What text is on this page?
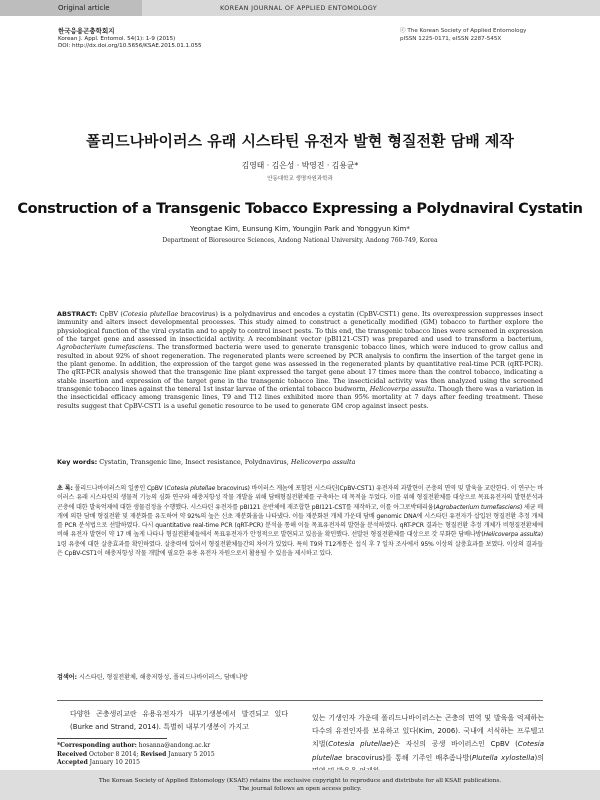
Original article	KOREAN JOURNAL OF APPLIED ENTOMOLOGY
한국응용곤충학회지
Korean J. Appl. Entomol. 54(1): 1-9 (2015)
DOI: http://dx.doi.org/10.5656/KSAE.2015.01.1.055
ⓒ The Korean Society of Applied Entomology
pISSN 1225-0171, eISSN 2287-545X
폴리드나바이러스 유래 시스타틴 유전자 발현 형질전환 담배 제작
김영태 · 김은성 · 박영진 · 김용균*
안동대학교 생명자원과학과
Construction of a Transgenic Tobacco Expressing a Polydnaviral Cystatin
Yeongtae Kim, Eunsung Kim, Youngjin Park and Yonggyun Kim*
Department of Bioresource Sciences, Andong National University, Andong 760-749, Korea
ABSTRACT: CpBV (Cotesia plutellae bracovirus) is a polydnavirus and encodes a cystatin (CpBV-CST1) gene. Its overexpression suppresses insect immunity and alters insect developmental processes. This study aimed to construct a genetically modified (GM) tobacco to further explore the physiological function of the viral cystatin and to apply to control insect pests. To this end, the transgenic tobacco lines were screened in expression of the target gene and assessed in insecticidal activity. A recombinant vector (pBI121-CST) was prepared and used to transform a bacterium, Agrobacterium tumefasciens. The transformed bacteria were used to generate transgenic tobacco lines, which were induced to grow callus and resulted in about 92% of shoot regeneration. The regenerated plants were screened by PCR analysis to confirm the insertion of the target gene in the plant genome. In addition, the expression of the target gene was assessed in the regenerated plants by quantitative real-time PCR (qRT-PCR). The qRT-PCR analysis showed that the transgenic line plant expressed the target gene about 17 times more than the control tobacco, indicating a stable insertion and expression of the target gene in the transgenic tobacco line. The insecticidal activity was then analyzed using the screened transgenic tobacco lines against the teneral 1st instar larvae of the oriental tobacco budworm, Helicoverpa assulta. Though there was a variation in the insecticidal efficacy among transgenic lines, T9 and T12 lines exhibited more than 95% mortality at 7 days after feeding treatment. These results suggest that CpBV-CST1 is a useful genetic resource to be used to generate GM crop against insect pests.
Key words: Cystatin, Transgenic line, Insect resistance, Polydnavirus, Helicoverpa assulta
초 록: 폴리드나바이러스의 일종인 CpBV (Cotesia plutellae bracovirus) 바이러스 게놈에 포함된 시스타틴(CpBV-CST1) 유전자의 과발현이 곤충의 면역 및 발육을 교란한다. 이 연구는 바이러스 유래 시스타틴의 생물적 기능의 심화 연구와 해충저항성 작물 개발을 위해 담배형질전환체를 구축하는 데 목적을 두었다. 이를 위해 형질전환체를 대상으로 목표유전자의 발현분석과 곤충에 대한 발육억제에 대한 생물검정을 수행했다. 시스타틴 유전자를 pBI121 운반체에 재조합한 pBI121-CST를 제작하고, 이를 아그로박테리움(Agrobacterium tumefasciens) 세균 매개에 의한 담배 형질전환 및 재분화를 유도하여 약 92%의 높은 신초 재분화율을 나타냈다. 이들 재분화된 개체 가운데 담배 genomic DNA에 시스타틴 유전자가 삽입된 형질전환 추정 개체를 PCR 분석법으로 선발하였다. 다시 quantitative real-time PCR (qRT-PCR) 분석을 통해 이들 목표유전자의 발현을 분석하였다. qRT-PCR 결과는 형질전환 추정 개체가 비형질전환체에 비해 유전자 발현이 약 17 배 높게 나타나 형질전환체들에서 목표유전자가 안정적으로 발현되고 있음을 확인했다. 선발된 형질전환체를 대상으로 갓 부화한 담배나방(Helicoverpa assulta) 1령 유충에 대한 살충효과를 확인하였다. 살충력에 있어서 형질전환체들간의 차이가 있었다. 특히 T9와 T12계통은 섭식 후 7 일차 조사에서 95% 이상의 살충효과를 보였다. 이상의 결과들은 CpBV-CST1이 해충저항성 작물 개발에 필요한 유용 유전자 자원으로서 활용될 수 있음을 제시하고 있다.
검색어: 시스타틴, 형질전환체, 해충저항성, 폴리드나바이러스, 담배나방
다양한 곤충생리교란 유용유전자가 내부기생봉에서 발견되고 있다(Burke and Strand, 2014). 특별히 내부기생봉이 가지고
있는 기생인자 가운데 폴리드나바이러스는 곤충의 면역 및 발육을 억제하는 다수의 유전인자를 보유하고 있다(Kim, 2006). 국내에 서식하는 프루텔고치벌(Cotesia plutellae)은 자신의 공생 바이러스인 CpBV (Cotesia plutellae bracovirus)를 통해 기주인 배추좀나방(Plutella xylostella)의
*Corresponding author: hosanna@andong.ac.kr
Received October 8 2014; Revised January 5 2015
Accepted January 10 2015
The Korean Society of Applied Entomology (KSAE) retains the exclusive copyright to reproduce and distribute for all KSAE publications.
The journal follows an open access policy.
